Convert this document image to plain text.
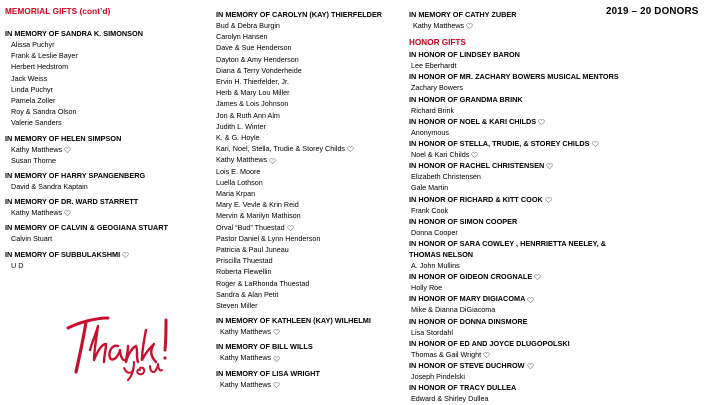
2019 – 20 DONORS
MEMORIAL GIFTS (cont’d)
IN MEMORY OF SANDRA K. SIMONSON
Alissa Puchyr
Frank & Leslie Bayer
Herbert Hedstrom
Jack Weiss
Linda Puchyr
Pamela Zoller
Roy & Sandra Olson
Valerie Sanders
IN MEMORY OF HELEN SIMPSON
Kathy Matthews
Susan Thorne
IN MEMORY OF HARRY SPANGENBERG
David & Sandra Kaptain
IN MEMORY OF DR. WARD STARRETT
Kathy Matthews
IN MEMORY OF CALVIN & GEOGIANA STUART
Calvin Stuart
IN MEMORY OF SUBBULAKSHMI
U D
Thank you!
IN MEMORY OF CAROLYN (KAY) THIERFELDER
Bud & Debra Burgin
Carolyn Hansen
Dave & Sue Henderson
Dayton & Amy Henderson
Diana & Terry Vonderheide
Ervin H. Thierfelder, Jr.
Herb & Mary Lou Miller
James & Lois Johnson
Jon & Ruth Ann Alm
Judith L. Winter
K. & G. Hoyle
Kari, Noel, Stella, Trudie & Storey Childs
Kathy Matthews
Lois E. Moore
Luella Lothson
Maria Krpan
Mary E. Vevle & Krin Reid
Mervin & Marilyn Mathison
Orval “Bud” Thuestad
Pastor Daniel & Lynn Henderson
Patricia & Paul Juneau
Priscilla Thuestad
Roberta Flewellin
Roger & LaRhonda Thuestad
Sandra & Alan Petit
Steven Miller
IN MEMORY OF KATHLEEN (KAY) WILHELMI
Kathy Matthews
IN MEMORY OF BILL WILLS
Kathy Matthews
IN MEMORY OF LISA WRIGHT
Kathy Matthews
IN MEMORY OF CATHY ZUBER
Kathy Matthews
HONOR GIFTS
IN HONOR OF LINDSEY BARON
Lee Eberhardt
IN HONOR OF MR. ZACHARY BOWERS MUSICAL MENTORS
Zachary Bowers
IN HONOR OF GRANDMA BRINK
Richard Brink
IN HONOR OF NOEL & KARI CHILDS
Anonymous
IN HONOR OF STELLA, TRUDIE, & STOREY CHILDS
Noel & Kari Childs
IN HONOR OF RACHEL CHRISTENSEN
Elizabeth Christensen
Gale Martin
IN HONOR OF RICHARD & KITT COOK
Frank Cook
IN HONOR OF SIMON COOPER
Donna Cooper
IN HONOR OF SARA COWLEY , HENRRIETTA NEELEY, & THOMAS NELSON
A. John Mullins
IN HONOR OF GIDEON CROGNALE
Holly Roe
IN HONOR OF MARY DIGIACOMA
Mike & Dianna DiGiacoma
IN HONOR OF DONNA DINSMORE
Lisa Stordahl
IN HONOR OF ED AND JOYCE DLUGOPOLSKI
Thomas & Gail Wright
IN HONOR OF STEVE DUCHROW
Joseph Pindelski
IN HONOR OF TRACY DULLEA
Edward & Shirley Dullea
